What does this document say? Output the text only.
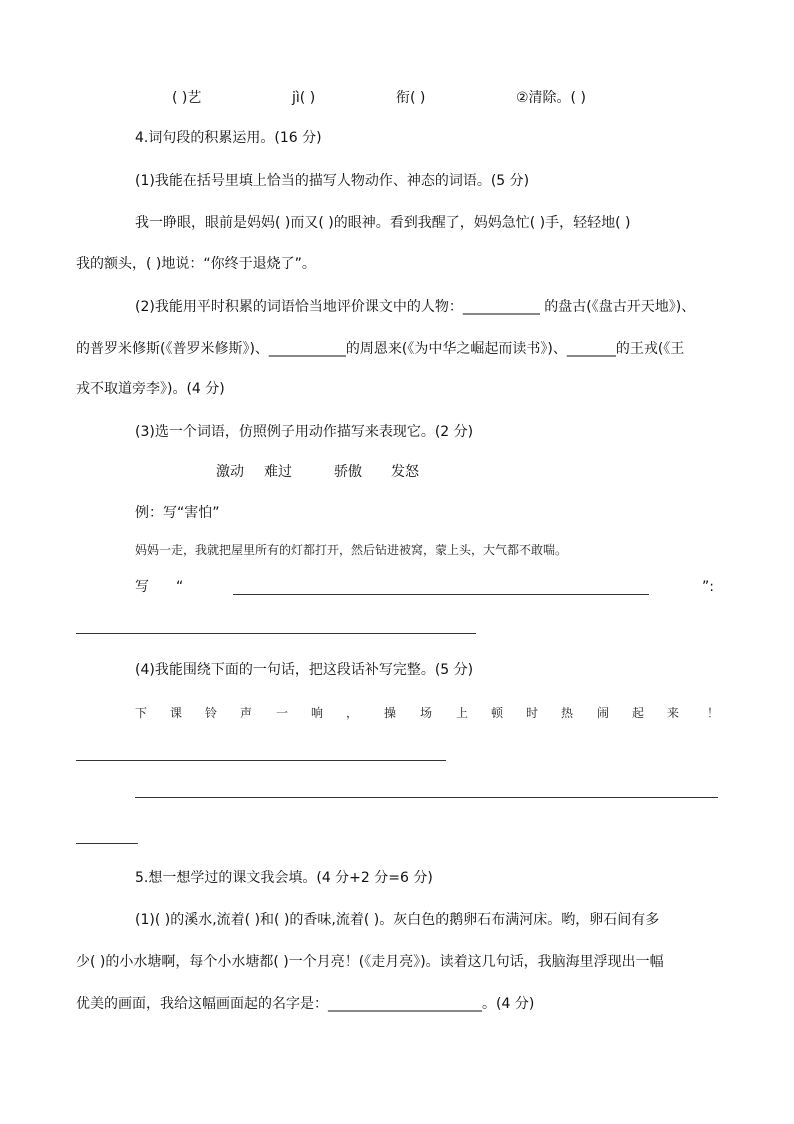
( )艺	jì( )	衔( )	②清除。( )
4.词句段的积累运用。(16 分)
(1)我能在括号里填上恰当的描写人物动作、神态的词语。(5 分)
我一睁眼，眼前是妈妈( )而又( )的眼神。看到我醒了，妈妈急忙( )手，轻轻地( )
我的额头，( )地说：“你终于退烧了”。
(2)我能用平时积累的词语恰当地评价课文中的人物：___________ 的盘古(《盘古开天地》)、
的普罗米修斯(《普罗米修斯》)、___________的周恩来(《为中华之崛起而读书》)、_______的王戎(《王
戎不取道旁李》)。(4 分)
(3)选一个词语，仿照例子用动作描写来表现它。(2 分)
激动 难过	骄傲 发怒
例：写“害怕”
妈妈一走，我就把屋里所有的灯都打开，然后钻进被窝，蒙上头，大气都不敢喘。
写 “	”:
(4)我能围绕下面的一句话，把这段话补写完整。(5 分)
下 课 铃 声 一 响 ， 操 场 上 顿 时 热 闹 起 来 ！
5.想一想学过的课文我会填。(4 分+2 分=6 分)
(1)( )的溪水,流着( )和( )的香味,流着( )。灰白色的鹅卵石布满河床。哟，卵石间有多
少( )的小水塘啊，每个小水塘都( )一个月亮！(《走月亮》)。读着这几句话，我脑海里浮现出一幅
优美的画面，我给这幅画面起的名字是：______________________。(4 分)
